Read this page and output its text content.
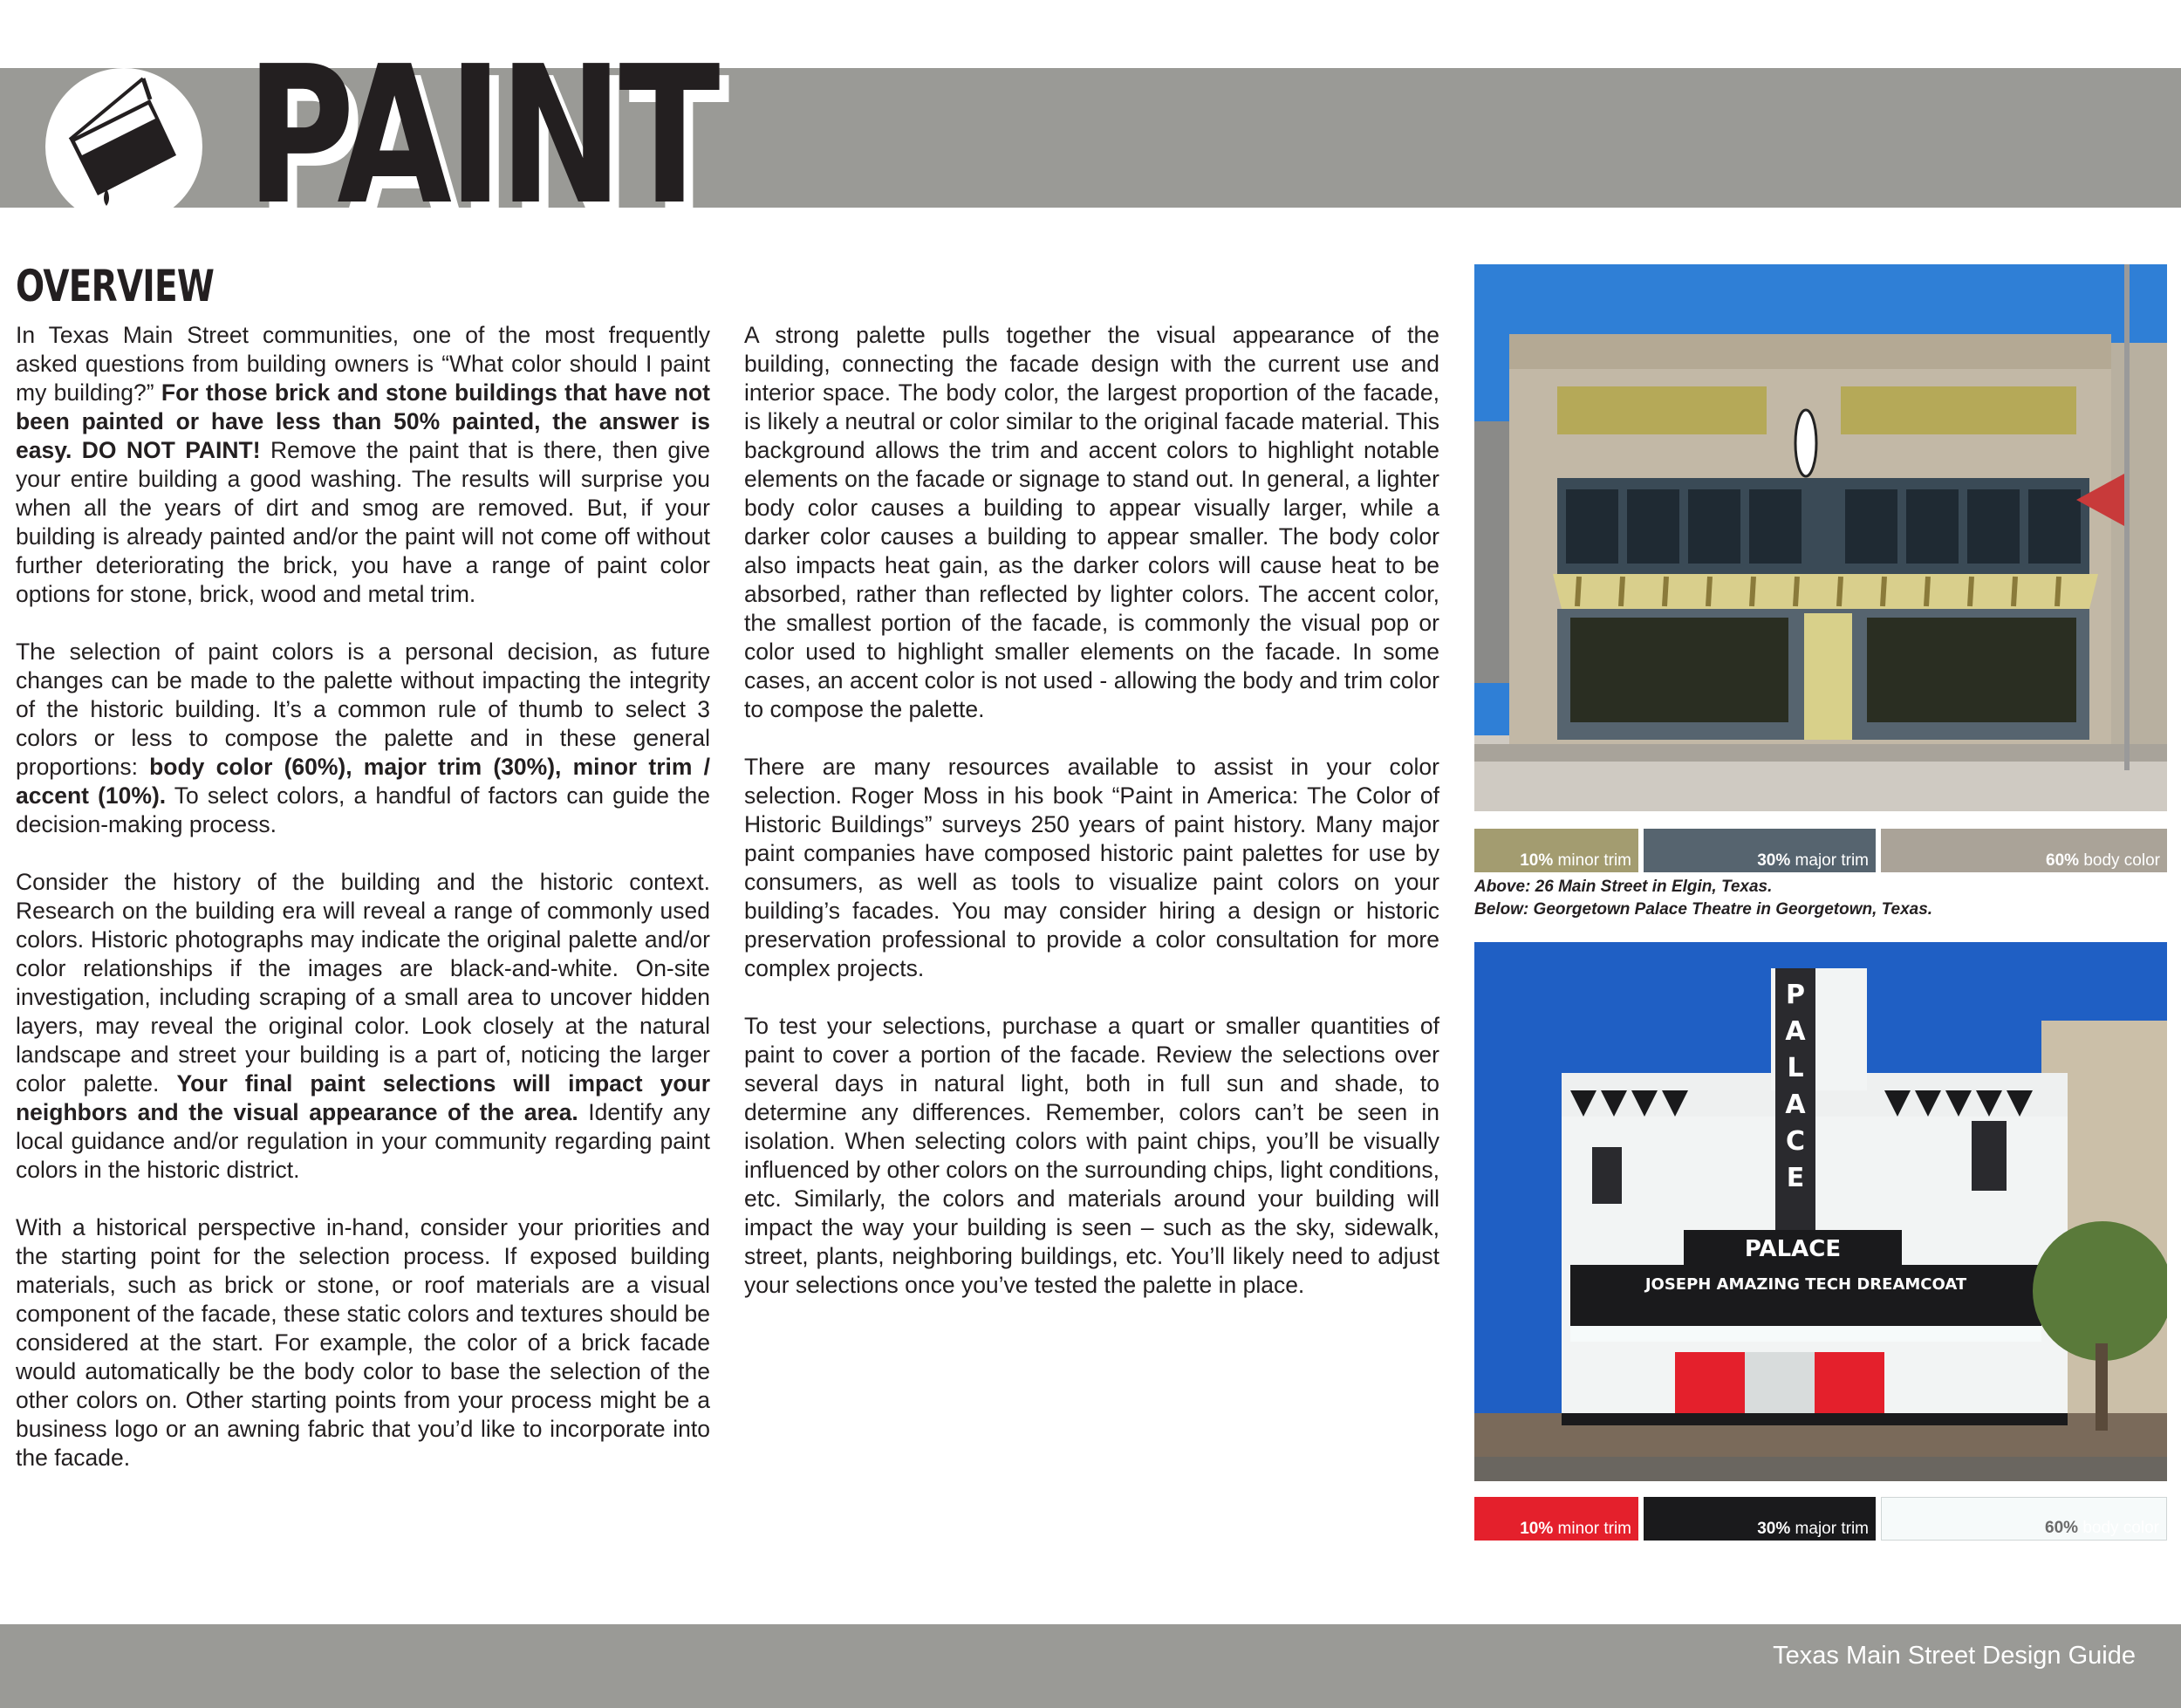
PAINT
OVERVIEW

In Texas Main Street communities, one of the most frequently asked questions from building owners is “What color should I paint my building?” For those brick and stone buildings that have not been painted or have less than 50% painted, the answer is easy. DO NOT PAINT! Remove the paint that is there, then give your entire building a good washing. The results will surprise you when all the years of dirt and smog are removed. But, if your building is already painted and/or the paint will not come off without further deteriorating the brick, you have a range of paint color options for stone, brick, wood and metal trim.

The selection of paint colors is a personal decision, as future changes can be made to the palette without impacting the integrity of the historic building. It’s a common rule of thumb to select 3 colors or less to compose the palette and in these general proportions: body color (60%), major trim (30%), minor trim / accent (10%). To select colors, a handful of factors can guide the decision-making process.

Consider the history of the building and the historic context. Research on the building era will reveal a range of commonly used colors. Historic photographs may indicate the original palette and/or color relationships if the images are black-and-white. On-site investigation, including scraping of a small area to uncover hidden layers, may reveal the original color. Look closely at the natural landscape and street your building is a part of, noticing the larger color palette. Your final paint selections will impact your neighbors and the visual appearance of the area. Identify any local guidance and/or regulation in your community regarding paint colors in the historic district.

With a historical perspective in-hand, consider your priorities and the starting point for the selection process. If exposed building materials, such as brick or stone, or roof materials are a visual component of the facade, these static colors and textures should be considered at the start. For example, the color of a brick facade would automatically be the body color to base the selection of the other colors on. Other starting points from your process might be a business logo or an awning fabric that you’d like to incorporate into the facade.

A strong palette pulls together the visual appearance of the building, connecting the facade design with the current use and interior space. The body color, the largest proportion of the facade, is likely a neutral or color similar to the original facade material. This background allows the trim and accent colors to highlight notable elements on the facade or signage to stand out. In general, a lighter body color causes a building to appear visually larger, while a darker color causes a building to appear smaller. The body color also impacts heat gain, as the darker colors will cause heat to be absorbed, rather than reflected by lighter colors. The accent color, the smallest portion of the facade, is commonly the visual pop or color used to highlight smaller elements on the facade. In some cases, an accent color is not used - allowing the body and trim color to compose the palette.

There are many resources available to assist in your color selection. Roger Moss in his book “Paint in America: The Color of Historic Buildings” surveys 250 years of paint history. Many major paint companies have composed historic paint palettes for use by consumers, as well as tools to visualize paint colors on your building’s facades. You may consider hiring a design or historic preservation professional to provide a color consultation for more complex projects.

To test your selections, purchase a quart or smaller quantities of paint to cover a portion of the facade. Review the selections over several days in natural light, both in full sun and shade, to determine any differences. Remember, colors can’t be seen in isolation. When selecting colors with paint chips, you’ll be visually influenced by other colors on the surrounding chips, light conditions, etc. Similarly, the colors and materials around your building will impact the way your building is seen – such as the sky, sidewalk, street, plants, neighboring buildings, etc. You’ll likely need to adjust your selections once you’ve tested the palette in place.

10% minor trim	30% major trim	60% body color
Above: 26 Main Street in Elgin, Texas.
Below: Georgetown Palace Theatre in Georgetown, Texas.
P
A
L
A
C
E
PALACE
JOSEPH AMAZING TECH DREAMCOAT
10% minor trim	30% major trim	60% body color
Texas Main Street Design Guide
